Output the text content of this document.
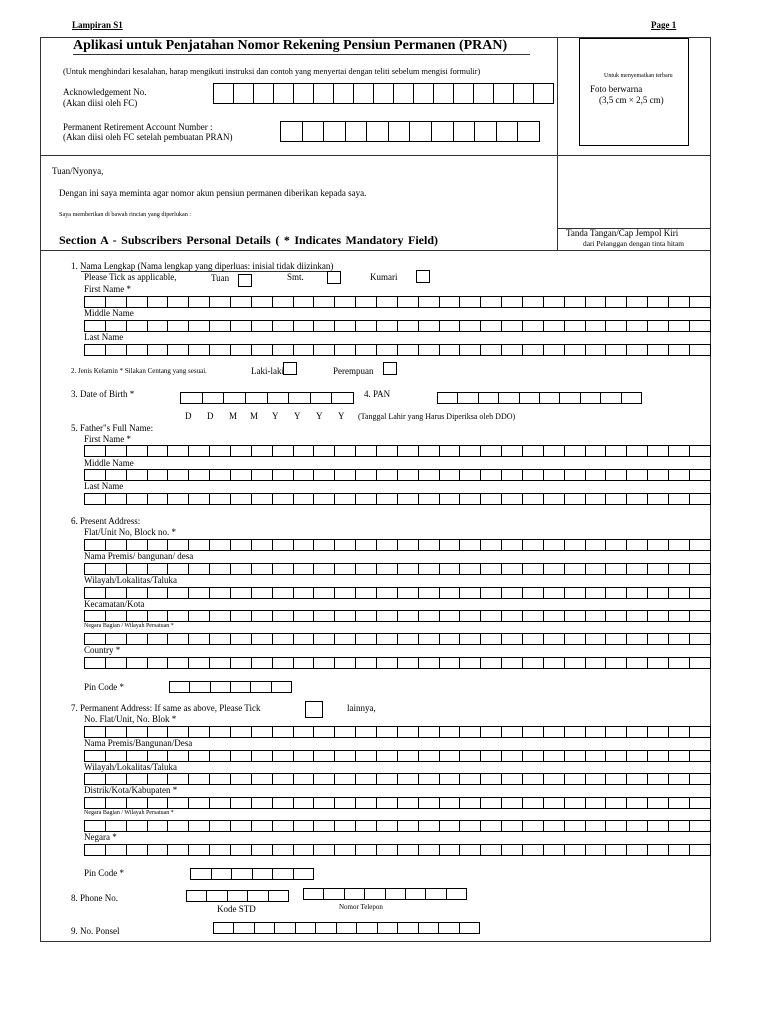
Lampiran S1	Page 1
Aplikasi untuk Penjatahan Nomor Rekening Pensiun Permanen (PRAN)
(Untuk menghindari kesalahan, harap mengikuti instruksi dan contoh yang menyertai dengan teliti sebelum mengisi formulir)
Acknowledgement No.
(Akan diisi oleh FC)
Permanent Retirement Account Number :
(Akan diisi oleh FC setelah pembuatan PRAN)
Untuk menyematkan terbaru
Foto berwarna
(3,5 cm × 2,5 cm)
Tuan/Nyonya,
Dengan ini saya meminta agar nomor akun pensiun permanen diberikan kepada saya.
Saya memberikan di bawah rincian yang diperlukan :
Tanda Tangan/Cap Jempol Kiri
dari Pelanggan dengan tinta hitam
Section A - Subscribers Personal Details ( * Indicates Mandatory Field)
1. Nama Lengkap (Nama lengkap yang diperluas: inisial tidak diizinkan)
Please Tick as applicable,	Tuan	Smt.	Kumari
First Name *
Middle Name
Last Name
2. Jenis Kelamin * Silakan Centang yang sesuai.	Laki-laki	Perempuan
3. Date of Birth *	4. PAN
D D M M Y Y Y Y (Tanggal Lahir yang Harus Diperiksa oleh DDO)
5. Father"s Full Name:
First Name *
Middle Name
Last Name
6. Present Address:
Flat/Unit No, Block no. *
Nama Premis/ bangunan/ desa
Wilayah/Lokalitas/Taluka
Kecamatan/Kota
Negara Bagian / Wilayah Persatuan *
Country *
Pin Code *
7. Permanent Address: If same as above, Please Tick	lainnya,
No. Flat/Unit, No. Blok *
Nama Premis/Bangunan/Desa
Wilayah/Lokalitas/Taluka
Distrik/Kota/Kabupaten *
Negara Bagian / Wilayah Persatuan *
Negara *
Pin Code *
8. Phone No.
Kode STD	Nomor Telepon
9. No. Ponsel
